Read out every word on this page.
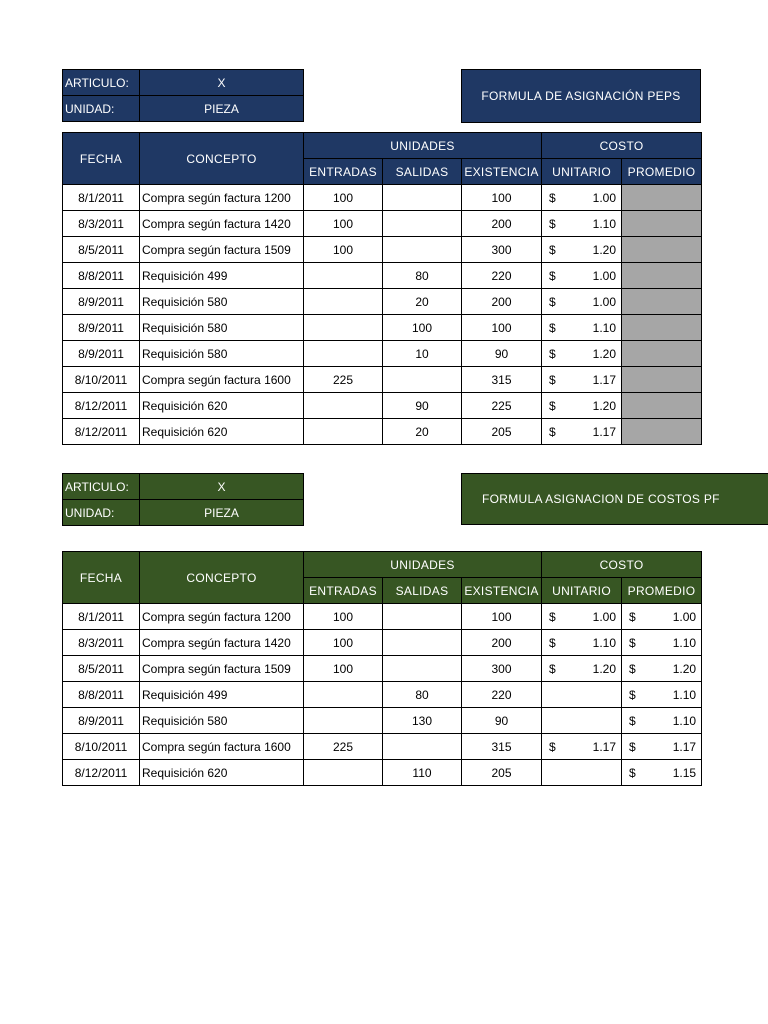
ARTICULO:	X
UNIDAD:	PIEZA
FORMULA DE ASIGNACIÓN PEPS
FECHA	CONCEPTO	UNIDADES			COSTO	
		ENTRADAS	SALIDAS	EXISTENCIA	UNITARIO	PROMEDIO
8/1/2011	Compra según factura 1200	100		100	$ 1.00	

8/3/2011	Compra según factura 1420	100		200	$ 1.10	

8/5/2011	Compra según factura 1509	100		300	$ 1.20	

8/8/2011	Requisición 499		80	220	$ 1.00	

8/9/2011	Requisición 580		20	200	$ 1.00	

8/9/2011	Requisición 580		100	100	$ 1.10	

8/9/2011	Requisición 580		10	90	$ 1.20	

8/10/2011	Compra según factura 1600	225		315	$ 1.17	

8/12/2011	Requisición 620		90	225	$ 1.20	

8/12/2011	Requisición 620		20	205	$ 1.17	

ARTICULO:	X
UNIDAD:	PIEZA
FORMULA ASIGNACION DE COSTOS PF
FECHA	CONCEPTO	UNIDADES			COSTO	
		ENTRADAS	SALIDAS	EXISTENCIA	UNITARIO	PROMEDIO
8/1/2011	Compra según factura 1200	100		100	$ 1.00	$ 1.00

8/3/2011	Compra según factura 1420	100		200	$ 1.10	$ 1.10

8/5/2011	Compra según factura 1509	100		300	$ 1.20	$ 1.20

8/8/2011	Requisición 499		80	220		$ 1.10

8/9/2011	Requisición 580		130	90		$ 1.10

8/10/2011	Compra según factura 1600	225		315	$ 1.17	$ 1.17

8/12/2011	Requisición 620		110	205		$ 1.15
